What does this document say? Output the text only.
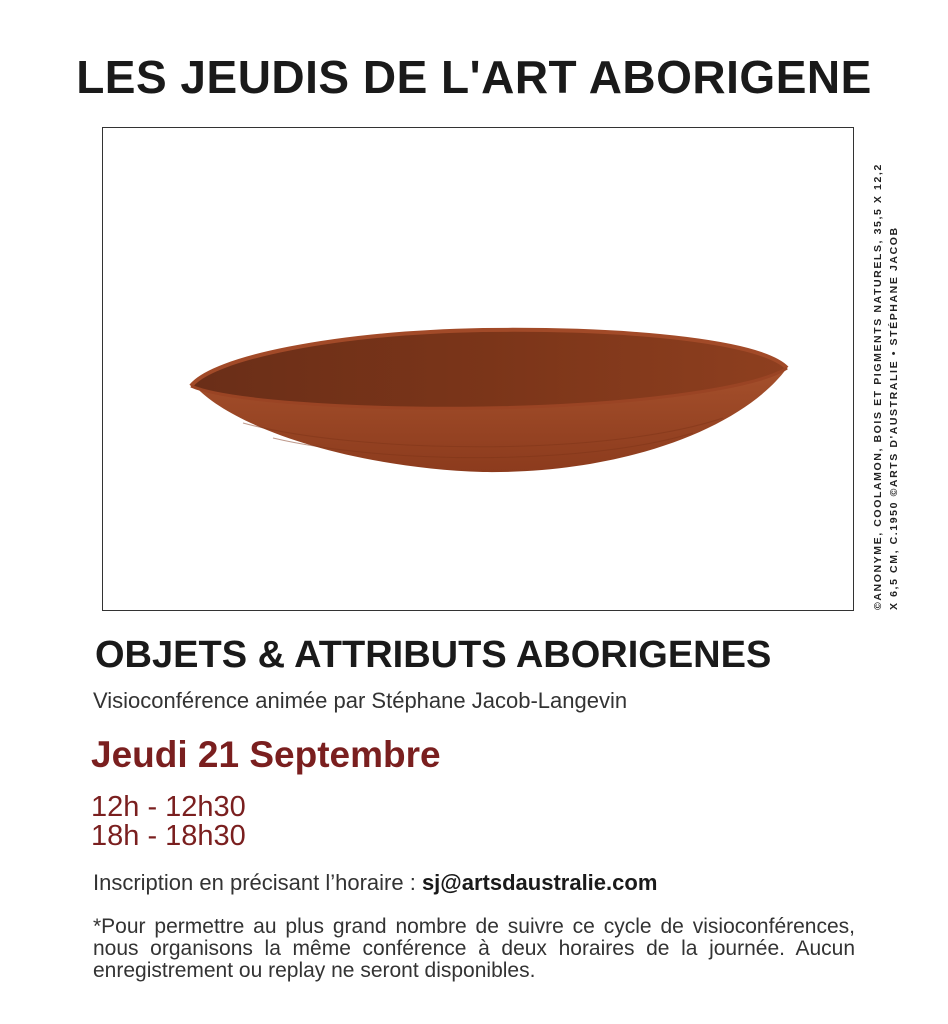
LES JEUDIS DE L'ART ABORIGENE
©ANONYME, COOLAMON, BOIS ET PIGMENTS NATURELS, 35,5 X 12,2 X 6,5 CM, C.1950 ©ARTS D'AUSTRALIE • STÉPHANE JACOB
OBJETS & ATTRIBUTS ABORIGENES
Visioconférence animée par Stéphane Jacob-Langevin
Jeudi 21 Septembre
12h - 12h30
18h - 18h30
Inscription en précisant l’horaire : sj@artsdaustralie.com

*Pour permettre au plus grand nombre de suivre ce cycle de visioconférences, nous organisons la même conférence à deux horaires de la journée. Aucun enregistrement ou replay ne seront disponibles.
